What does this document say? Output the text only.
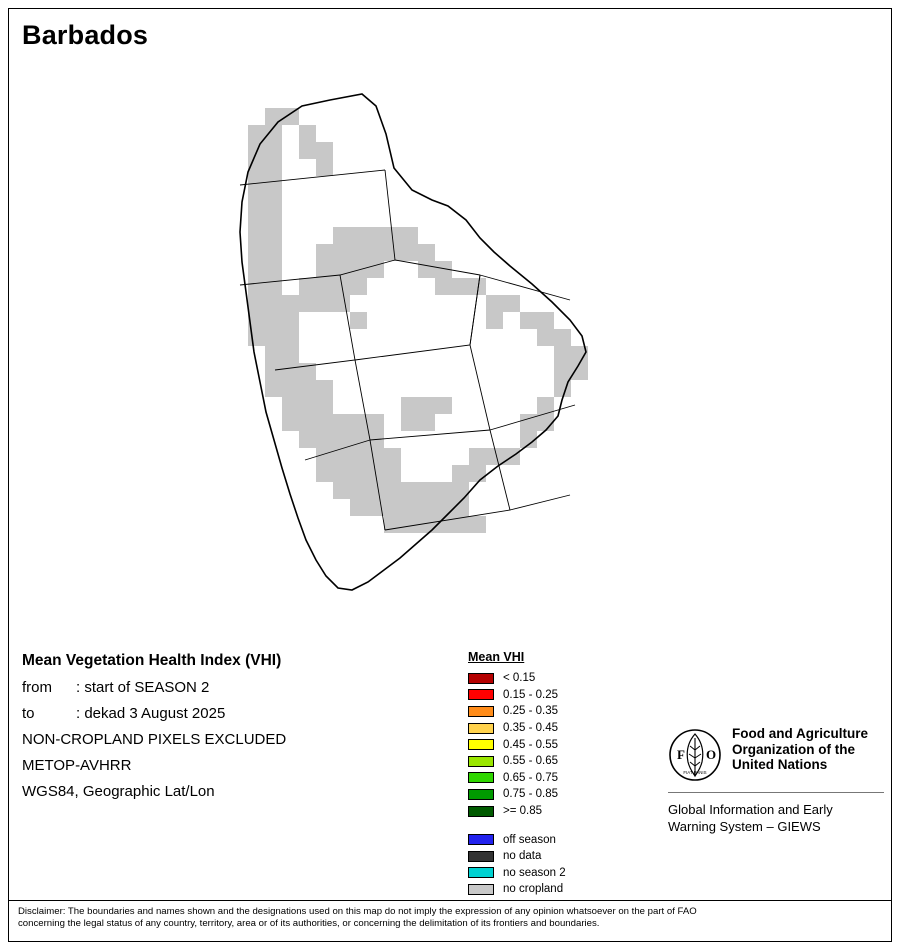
Barbados
Mean Vegetation Health Index (VHI)
from : start of SEASON 2
to	: dekad 3 August 2025
NON-CROPLAND PIXELS EXCLUDED
METOP-AVHRR
WGS84, Geographic Lat/Lon
Mean VHI
< 0.15
0.15 - 0.25
0.25 - 0.35
0.35 - 0.45
0.45 - 0.55
0.55 - 0.65
0.65 - 0.75
0.75 - 0.85
>= 0.85
off season
no data
no season 2
no cropland
F O
FIAT PANIS
Food and Agriculture
Organization of the
United Nations
Global Information and Early
Warning System – GIEWS
Disclaimer: The boundaries and names shown and the designations used on this map do not imply the expression of any opinion whatsoever on the part of FAO
concerning the legal status of any country, territory, area or of its authorities, or concerning the delimitation of its frontiers and boundaries.
